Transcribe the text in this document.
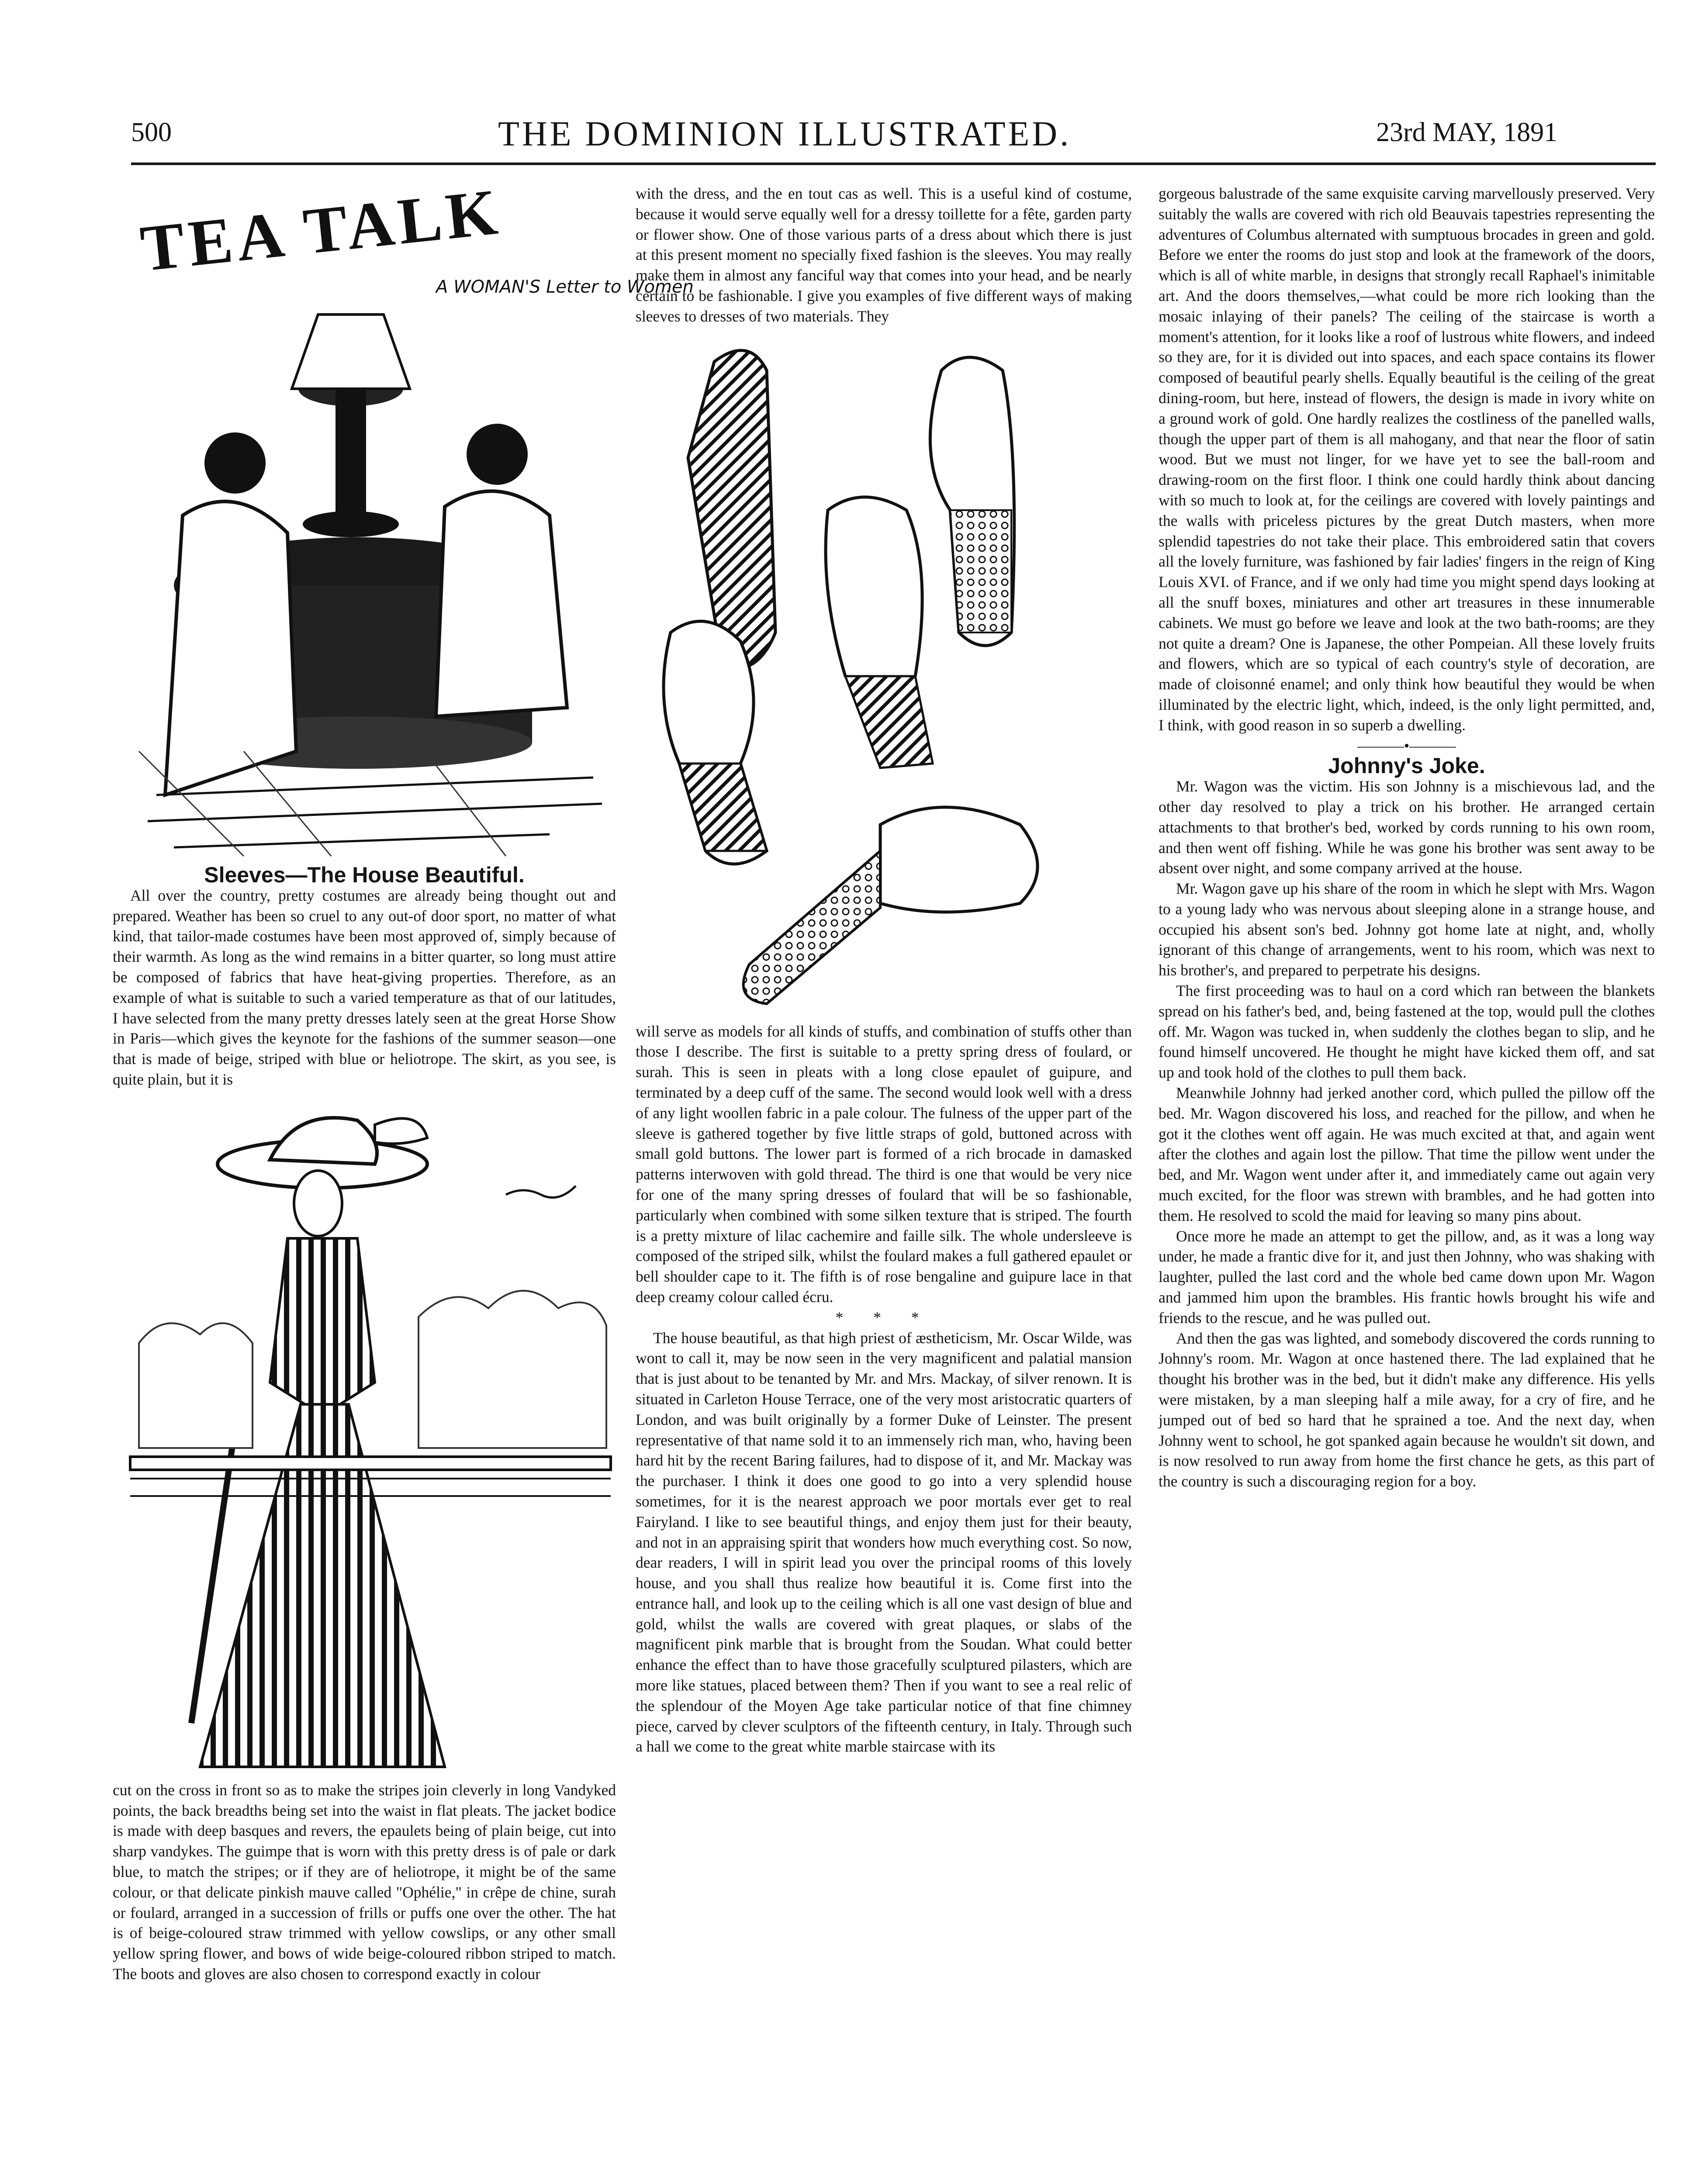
500	THE DOMINION ILLUSTRATED.	23rd MAY, 1891
TEA TALK
A WOMAN'S Letter to Women

Sleeves—The House Beautiful.

All over the country, pretty costumes are already being thought out and prepared. Weather has been so cruel to any out-of door sport, no matter of what kind, that tailor-made costumes have been most approved of, simply because of their warmth. As long as the wind remains in a bitter quarter, so long must attire be composed of fabrics that have heat-giving properties. Therefore, as an example of what is suitable to such a varied temperature as that of our latitudes, I have selected from the many pretty dresses lately seen at the great Horse Show in Paris—which gives the keynote for the fashions of the summer season—one that is made of beige, striped with blue or heliotrope. The skirt, as you see, is quite plain, but it is

cut on the cross in front so as to make the stripes join cleverly in long Vandyked points, the back breadths being set into the waist in flat pleats. The jacket bodice is made with deep basques and revers, the epaulets being of plain beige, cut into sharp vandykes. The guimpe that is worn with this pretty dress is of pale or dark blue, to match the stripes; or if they are of heliotrope, it might be of the same colour, or that delicate pinkish mauve called "Ophélie," in crêpe de chine, surah or foulard, arranged in a succession of frills or puffs one over the other. The hat is of beige-coloured straw trimmed with yellow cowslips, or any other small yellow spring flower, and bows of wide beige-coloured ribbon striped to match. The boots and gloves are also chosen to correspond exactly in colour

with the dress, and the en tout cas as well. This is a useful kind of costume, because it would serve equally well for a dressy toillette for a fête, garden party or flower show. One of those various parts of a dress about which there is just at this present moment no specially fixed fashion is the sleeves. You may really make them in almost any fanciful way that comes into your head, and be nearly certain to be fashionable. I give you examples of five different ways of making sleeves to dresses of two materials. They

will serve as models for all kinds of stuffs, and combination of stuffs other than those I describe. The first is suitable to a pretty spring dress of foulard, or surah. This is seen in pleats with a long close epaulet of guipure, and terminated by a deep cuff of the same. The second would look well with a dress of any light woollen fabric in a pale colour. The fulness of the upper part of the sleeve is gathered together by five little straps of gold, buttoned across with small gold buttons. The lower part is formed of a rich brocade in damasked patterns interwoven with gold thread. The third is one that would be very nice for one of the many spring dresses of foulard that will be so fashionable, particularly when combined with some silken texture that is striped. The fourth is a pretty mixture of lilac cachemire and faille silk. The whole undersleeve is composed of the striped silk, whilst the foulard makes a full gathered epaulet or bell shoulder cape to it. The fifth is of rose bengaline and guipure lace in that deep creamy colour called écru.

* * *

The house beautiful, as that high priest of æstheticism, Mr. Oscar Wilde, was wont to call it, may be now seen in the very magnificent and palatial mansion that is just about to be tenanted by Mr. and Mrs. Mackay, of silver renown. It is situated in Carleton House Terrace, one of the very most aristocratic quarters of London, and was built originally by a former Duke of Leinster. The present representative of that name sold it to an immensely rich man, who, having been hard hit by the recent Baring failures, had to dispose of it, and Mr. Mackay was the purchaser. I think it does one good to go into a very splendid house sometimes, for it is the nearest approach we poor mortals ever get to real Fairyland. I like to see beautiful things, and enjoy them just for their beauty, and not in an appraising spirit that wonders how much everything cost. So now, dear readers, I will in spirit lead you over the principal rooms of this lovely house, and you shall thus realize how beautiful it is. Come first into the entrance hall, and look up to the ceiling which is all one vast design of blue and gold, whilst the walls are covered with great plaques, or slabs of the magnificent pink marble that is brought from the Soudan. What could better enhance the effect than to have those gracefully sculptured pilasters, which are more like statues, placed between them? Then if you want to see a real relic of the splendour of the Moyen Age take particular notice of that fine chimney piece, carved by clever sculptors of the fifteenth century, in Italy. Through such a hall we come to the great white marble staircase with its

gorgeous balustrade of the same exquisite carving marvellously preserved. Very suitably the walls are covered with rich old Beauvais tapestries representing the adventures of Columbus alternated with sumptuous brocades in green and gold. Before we enter the rooms do just stop and look at the framework of the doors, which is all of white marble, in designs that strongly recall Raphael's inimitable art. And the doors themselves,—what could be more rich looking than the mosaic inlaying of their panels? The ceiling of the staircase is worth a moment's attention, for it looks like a roof of lustrous white flowers, and indeed so they are, for it is divided out into spaces, and each space contains its flower composed of beautiful pearly shells. Equally beautiful is the ceiling of the great dining-room, but here, instead of flowers, the design is made in ivory white on a ground work of gold. One hardly realizes the costliness of the panelled walls, though the upper part of them is all mahogany, and that near the floor of satin wood. But we must not linger, for we have yet to see the ball-room and drawing-room on the first floor. I think one could hardly think about dancing with so much to look at, for the ceilings are covered with lovely paintings and the walls with priceless pictures by the great Dutch masters, when more splendid tapestries do not take their place. This embroidered satin that covers all the lovely furniture, was fashioned by fair ladies' fingers in the reign of King Louis XVI. of France, and if we only had time you might spend days looking at all the snuff boxes, miniatures and other art treasures in these innumerable cabinets. We must go before we leave and look at the two bath-rooms; are they not quite a dream? One is Japanese, the other Pompeian. All these lovely fruits and flowers, which are so typical of each country's style of decoration, are made of cloisonné enamel; and only think how beautiful they would be when illuminated by the electric light, which, indeed, is the only light permitted, and, I think, with good reason in so superb a dwelling.

———•———

Johnny's Joke.

Mr. Wagon was the victim. His son Johnny is a mischievous lad, and the other day resolved to play a trick on his brother. He arranged certain attachments to that brother's bed, worked by cords running to his own room, and then went off fishing. While he was gone his brother was sent away to be absent over night, and some company arrived at the house.

Mr. Wagon gave up his share of the room in which he slept with Mrs. Wagon to a young lady who was nervous about sleeping alone in a strange house, and occupied his absent son's bed. Johnny got home late at night, and, wholly ignorant of this change of arrangements, went to his room, which was next to his brother's, and prepared to perpetrate his designs.

The first proceeding was to haul on a cord which ran between the blankets spread on his father's bed, and, being fastened at the top, would pull the clothes off. Mr. Wagon was tucked in, when suddenly the clothes began to slip, and he found himself uncovered. He thought he might have kicked them off, and sat up and took hold of the clothes to pull them back.

Meanwhile Johnny had jerked another cord, which pulled the pillow off the bed. Mr. Wagon discovered his loss, and reached for the pillow, and when he got it the clothes went off again. He was much excited at that, and again went after the clothes and again lost the pillow. That time the pillow went under the bed, and Mr. Wagon went under after it, and immediately came out again very much excited, for the floor was strewn with brambles, and he had gotten into them. He resolved to scold the maid for leaving so many pins about.

Once more he made an attempt to get the pillow, and, as it was a long way under, he made a frantic dive for it, and just then Johnny, who was shaking with laughter, pulled the last cord and the whole bed came down upon Mr. Wagon and jammed him upon the brambles. His frantic howls brought his wife and friends to the rescue, and he was pulled out.

And then the gas was lighted, and somebody discovered the cords running to Johnny's room. Mr. Wagon at once hastened there. The lad explained that he thought his brother was in the bed, but it didn't make any difference. His yells were mistaken, by a man sleeping half a mile away, for a cry of fire, and he jumped out of bed so hard that he sprained a toe. And the next day, when Johnny went to school, he got spanked again because he wouldn't sit down, and is now resolved to run away from home the first chance he gets, as this part of the country is such a discouraging region for a boy.
